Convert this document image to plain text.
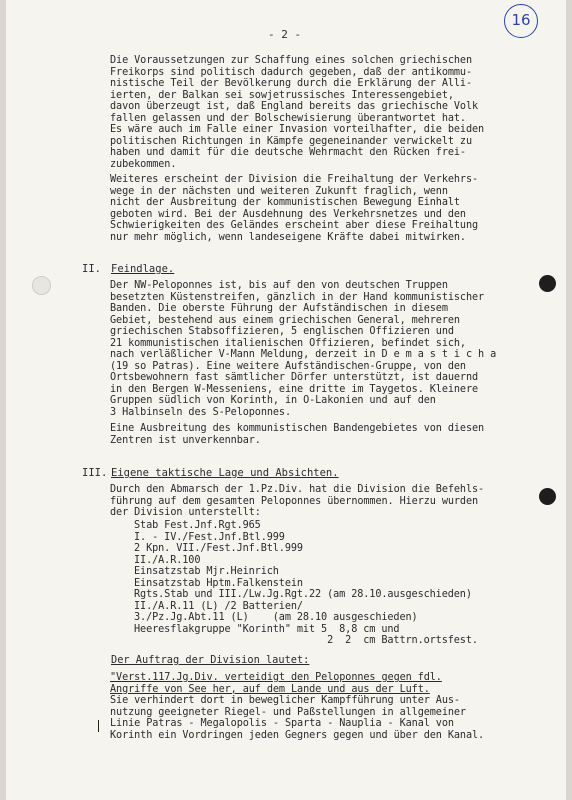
16
- 2 -

Die Voraussetzungen zur Schaffung eines solchen griechischen

Freikorps sind politisch dadurch gegeben, daß der antikommu-

nistische Teil der Bevölkerung durch die Erklärung der Alli-

ierten, der Balkan sei sowjetrussisches Interessengebiet,

davon überzeugt ist, daß England bereits das griechische Volk

fallen gelassen und der Bolschewisierung überantwortet hat.

Es wäre auch im Falle einer Invasion vorteilhafter, die beiden

politischen Richtungen in Kämpfe gegeneinander verwickelt zu

haben und damit für die deutsche Wehrmacht den Rücken frei-

zubekommen.

Weiteres erscheint der Division die Freihaltung der Verkehrs-

wege in der nächsten und weiteren Zukunft fraglich, wenn

nicht der Ausbreitung der kommunistischen Bewegung Einhalt

geboten wird. Bei der Ausdehnung des Verkehrsnetzes und den

Schwierigkeiten des Geländes erscheint aber diese Freihaltung

nur mehr möglich, wenn landeseigene Kräfte dabei mitwirken.

II. Feindlage.

Der NW-Peloponnes ist, bis auf den von deutschen Truppen

besetzten Küstenstreifen, gänzlich in der Hand kommunistischer

Banden. Die oberste Führung der Aufständischen in diesem

Gebiet, bestehend aus einem griechischen General, mehreren

griechischen Stabsoffizieren, 5 englischen Offizieren und

21 kommunistischen italienischen Offizieren, befindet sich,

nach verläßlicher V-Mann Meldung, derzeit in D e m a s t i c h a

(19 so Patras). Eine weitere Aufständischen-Gruppe, von den

Ortsbewohnern fast sämtlicher Dörfer unterstützt, ist dauernd

in den Bergen W-Messeniens, eine dritte im Taygetos. Kleinere

Gruppen südlich von Korinth, in O-Lakonien und auf den

3 Halbinseln des S-Peloponnes.

Eine Ausbreitung des kommunistischen Bandengebietes von diesen

Zentren ist unverkennbar.

III. Eigene taktische Lage und Absichten.

Durch den Abmarsch der 1.Pz.Div. hat die Division die Befehls-

führung auf dem gesamten Peloponnes übernommen. Hierzu wurden

der Division unterstellt:

Stab Fest.Jnf.Rgt.965

I. - IV./Fest.Jnf.Btl.999

2 Kpn. VII./Fest.Jnf.Btl.999

II./A.R.100

Einsatzstab Mjr.Heinrich

Einsatzstab Hptm.Falkenstein

Rgts.Stab und III./Lw.Jg.Rgt.22 (am 28.10.ausgeschieden)

II./A.R.11 (L) /2 Batterien/

3./Pz.Jg.Abt.11 (L)    (am 28.10 ausgeschieden)

Heeresflakgruppe "Korinth" mit 5  8,8 cm und

2  2  cm Battrn.ortsfest.

Der Auftrag der Division lautet:

"Verst.117.Jg.Div. verteidigt den Peloponnes gegen fdl.

Angriffe von See her, auf dem Lande und aus der Luft.

Sie verhindert dort in beweglicher Kampfführung unter Aus-

nutzung geeigneter Riegel- und Paßstellungen in allgemeiner

Linie Patras - Megalopolis - Sparta - Nauplia - Kanal von

Korinth ein Vordringen jeden Gegners gegen und über den Kanal.
